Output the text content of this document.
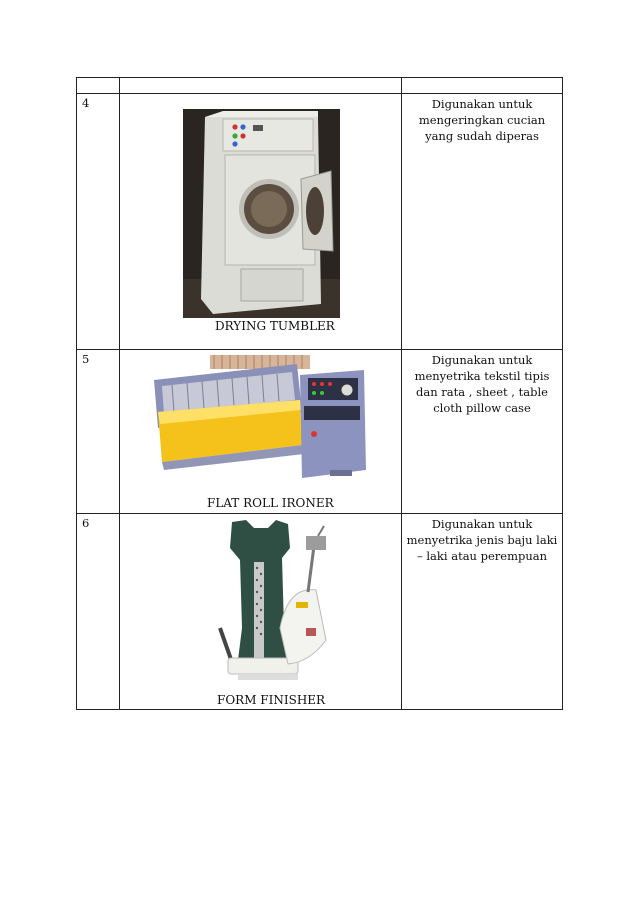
4	DRYING TUMBLER	Digunakan untuk mengeringkan cucian yang sudah diperas
5	FLAT ROLL IRONER	Digunakan untuk menyetrika tekstil tipis dan rata , sheet , table cloth pillow case
6	FORM FINISHER	Digunakan untuk menyetrika jenis baju laki – laki atau perempuan
